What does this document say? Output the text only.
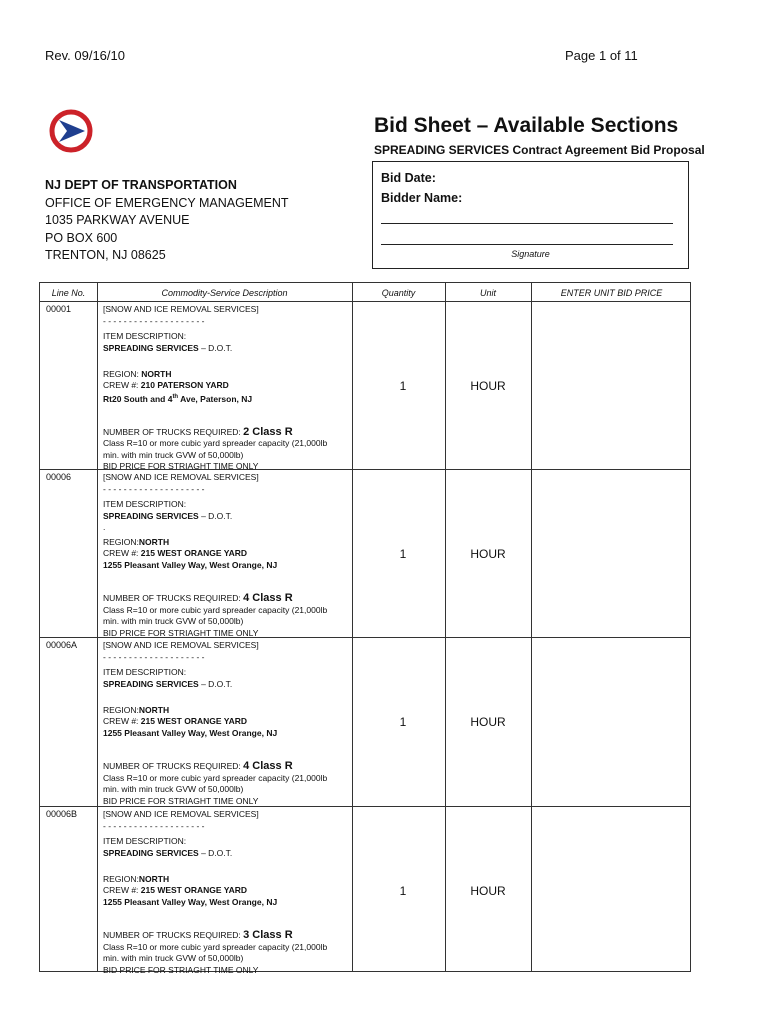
Rev. 09/16/10	Page 1 of 11
Bid Sheet – Available Sections
SPREADING SERVICES Contract Agreement Bid Proposal
NJ DEPT OF TRANSPORTATION
OFFICE OF EMERGENCY MANAGEMENT
1035 PARKWAY AVENUE
PO BOX 600
TRENTON, NJ 08625
Bid Date:
Bidder Name:
Signature
Line No.	Commodity-Service Description	Quantity	Unit	ENTER UNIT BID PRICE
00001	[SNOW AND ICE REMOVAL SERVICES]
- - - - - - - - - - - - - - - - - - - -
ITEM DESCRIPTION:
SPREADING SERVICES – D.O.T.
REGION: NORTH
CREW #: 210 PATERSON YARD
Rt20 South and 4th Ave, Paterson, NJ
NUMBER OF TRUCKS REQUIRED: 2 Class R
Class R=10 or more cubic yard spreader capacity (21,000lb
min. with min truck GVW of 50,000lb)
BID PRICE FOR STRIAGHT TIME ONLY
1	HOUR
00006	[SNOW AND ICE REMOVAL SERVICES]
- - - - - - - - - - - - - - - - - - - -
ITEM DESCRIPTION:
SPREADING SERVICES – D.O.T.
.
REGION:NORTH
CREW #: 215 WEST ORANGE YARD
1255 Pleasant Valley Way, West Orange, NJ
NUMBER OF TRUCKS REQUIRED: 4 Class R
Class R=10 or more cubic yard spreader capacity (21,000lb
min. with min truck GVW of 50,000lb)
BID PRICE FOR STRIAGHT TIME ONLY
1	HOUR
00006A	[SNOW AND ICE REMOVAL SERVICES]
- - - - - - - - - - - - - - - - - - - -
ITEM DESCRIPTION:
SPREADING SERVICES – D.O.T.
REGION:NORTH
CREW #: 215 WEST ORANGE YARD
1255 Pleasant Valley Way, West Orange, NJ
NUMBER OF TRUCKS REQUIRED: 4 Class R
Class R=10 or more cubic yard spreader capacity (21,000lb
min. with min truck GVW of 50,000lb)
BID PRICE FOR STRIAGHT TIME ONLY
1	HOUR
00006B	[SNOW AND ICE REMOVAL SERVICES]
- - - - - - - - - - - - - - - - - - - -
ITEM DESCRIPTION:
SPREADING SERVICES – D.O.T.
REGION:NORTH
CREW #: 215 WEST ORANGE YARD
1255 Pleasant Valley Way, West Orange, NJ
NUMBER OF TRUCKS REQUIRED: 3 Class R
Class R=10 or more cubic yard spreader capacity (21,000lb
min. with min truck GVW of 50,000lb)
BID PRICE FOR STRIAGHT TIME ONLY
1	HOUR
